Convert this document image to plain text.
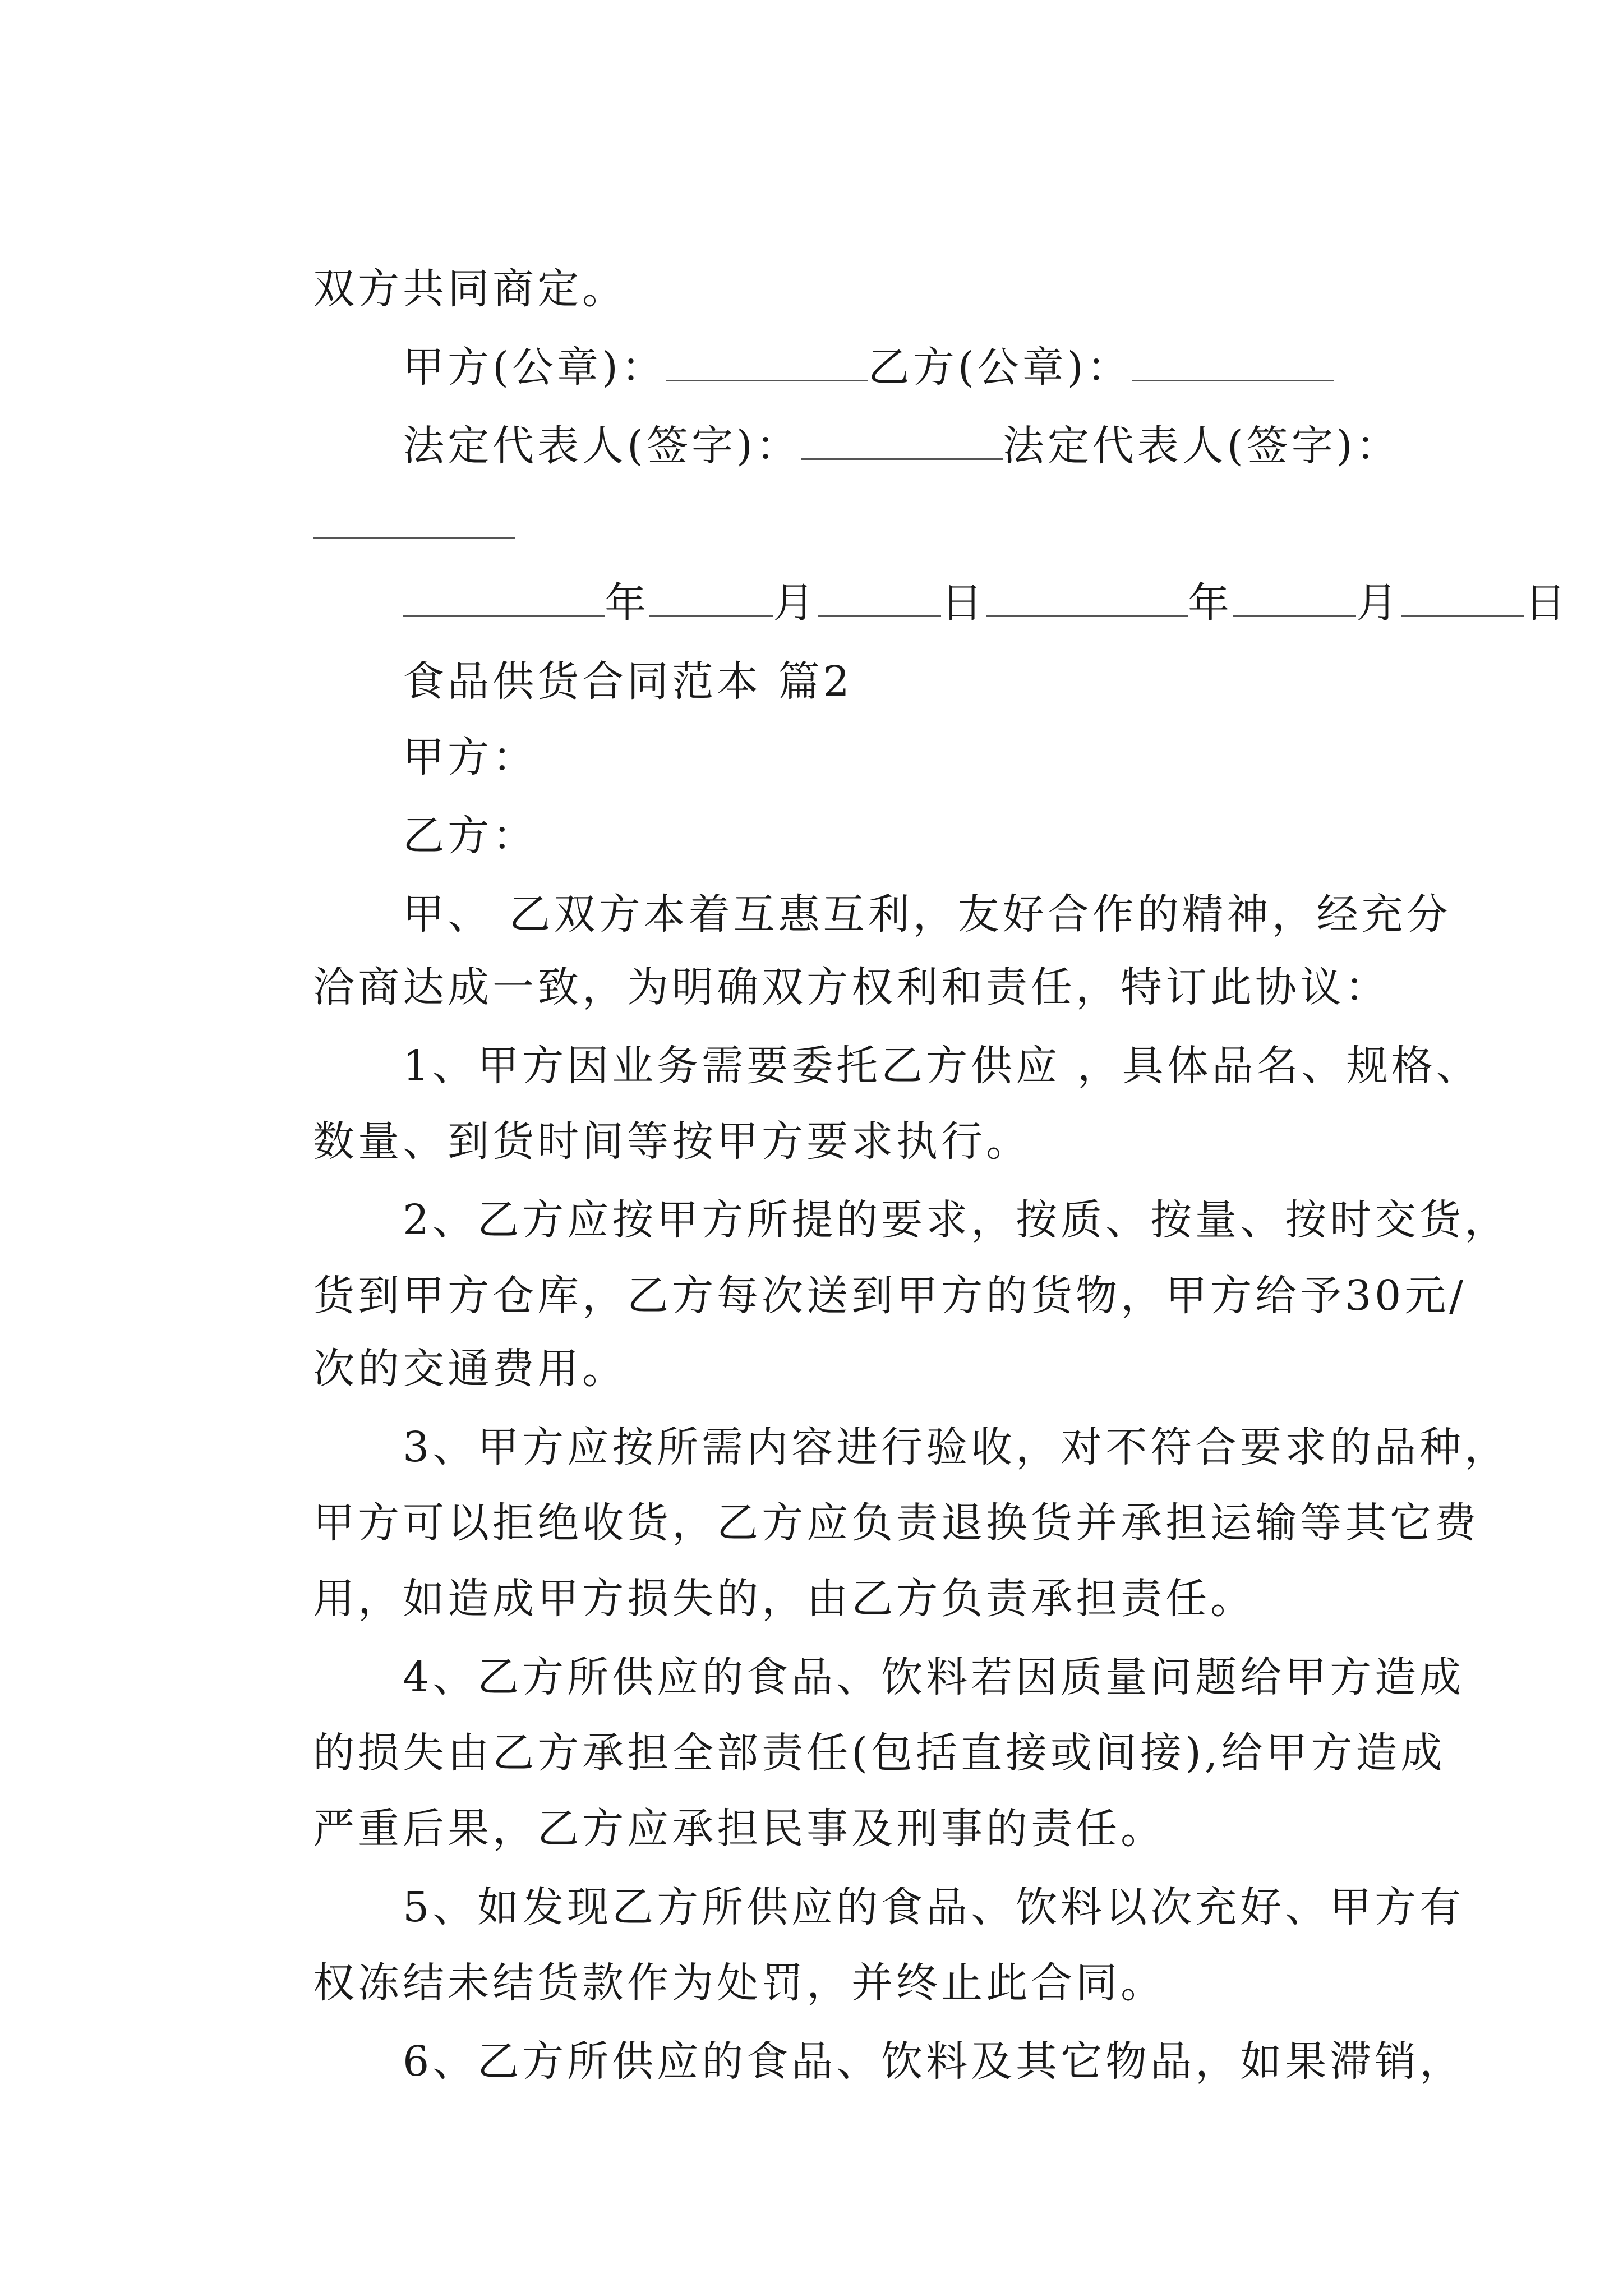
双方共同商定。

甲方(公章)：	乙方(公章)：

法定代表人(签字)：	法定代表人(签字)：

年	月	日	年	月	日

食品供货合同范本 篇2

甲方：

乙方：

甲、 乙双方本着互惠互利，友好合作的精神，经充分

洽商达成一致，为明确双方权利和责任，特订此协议：

1、甲方因业务需要委托乙方供应 ，具体品名、规格、

数量、到货时间等按甲方要求执行。

2、乙方应按甲方所提的要求，按质、按量、按时交货，

货到甲方仓库，乙方每次送到甲方的货物，甲方给予30元/

次的交通费用。

3、甲方应按所需内容进行验收，对不符合要求的品种，

甲方可以拒绝收货，乙方应负责退换货并承担运输等其它费

用，如造成甲方损失的，由乙方负责承担责任。

4、乙方所供应的食品、饮料若因质量问题给甲方造成

的损失由乙方承担全部责任(包括直接或间接),给甲方造成

严重后果，乙方应承担民事及刑事的责任。

5、如发现乙方所供应的食品、饮料以次充好、甲方有

权冻结未结货款作为处罚，并终止此合同。

6、乙方所供应的食品、饮料及其它物品，如果滞销，
